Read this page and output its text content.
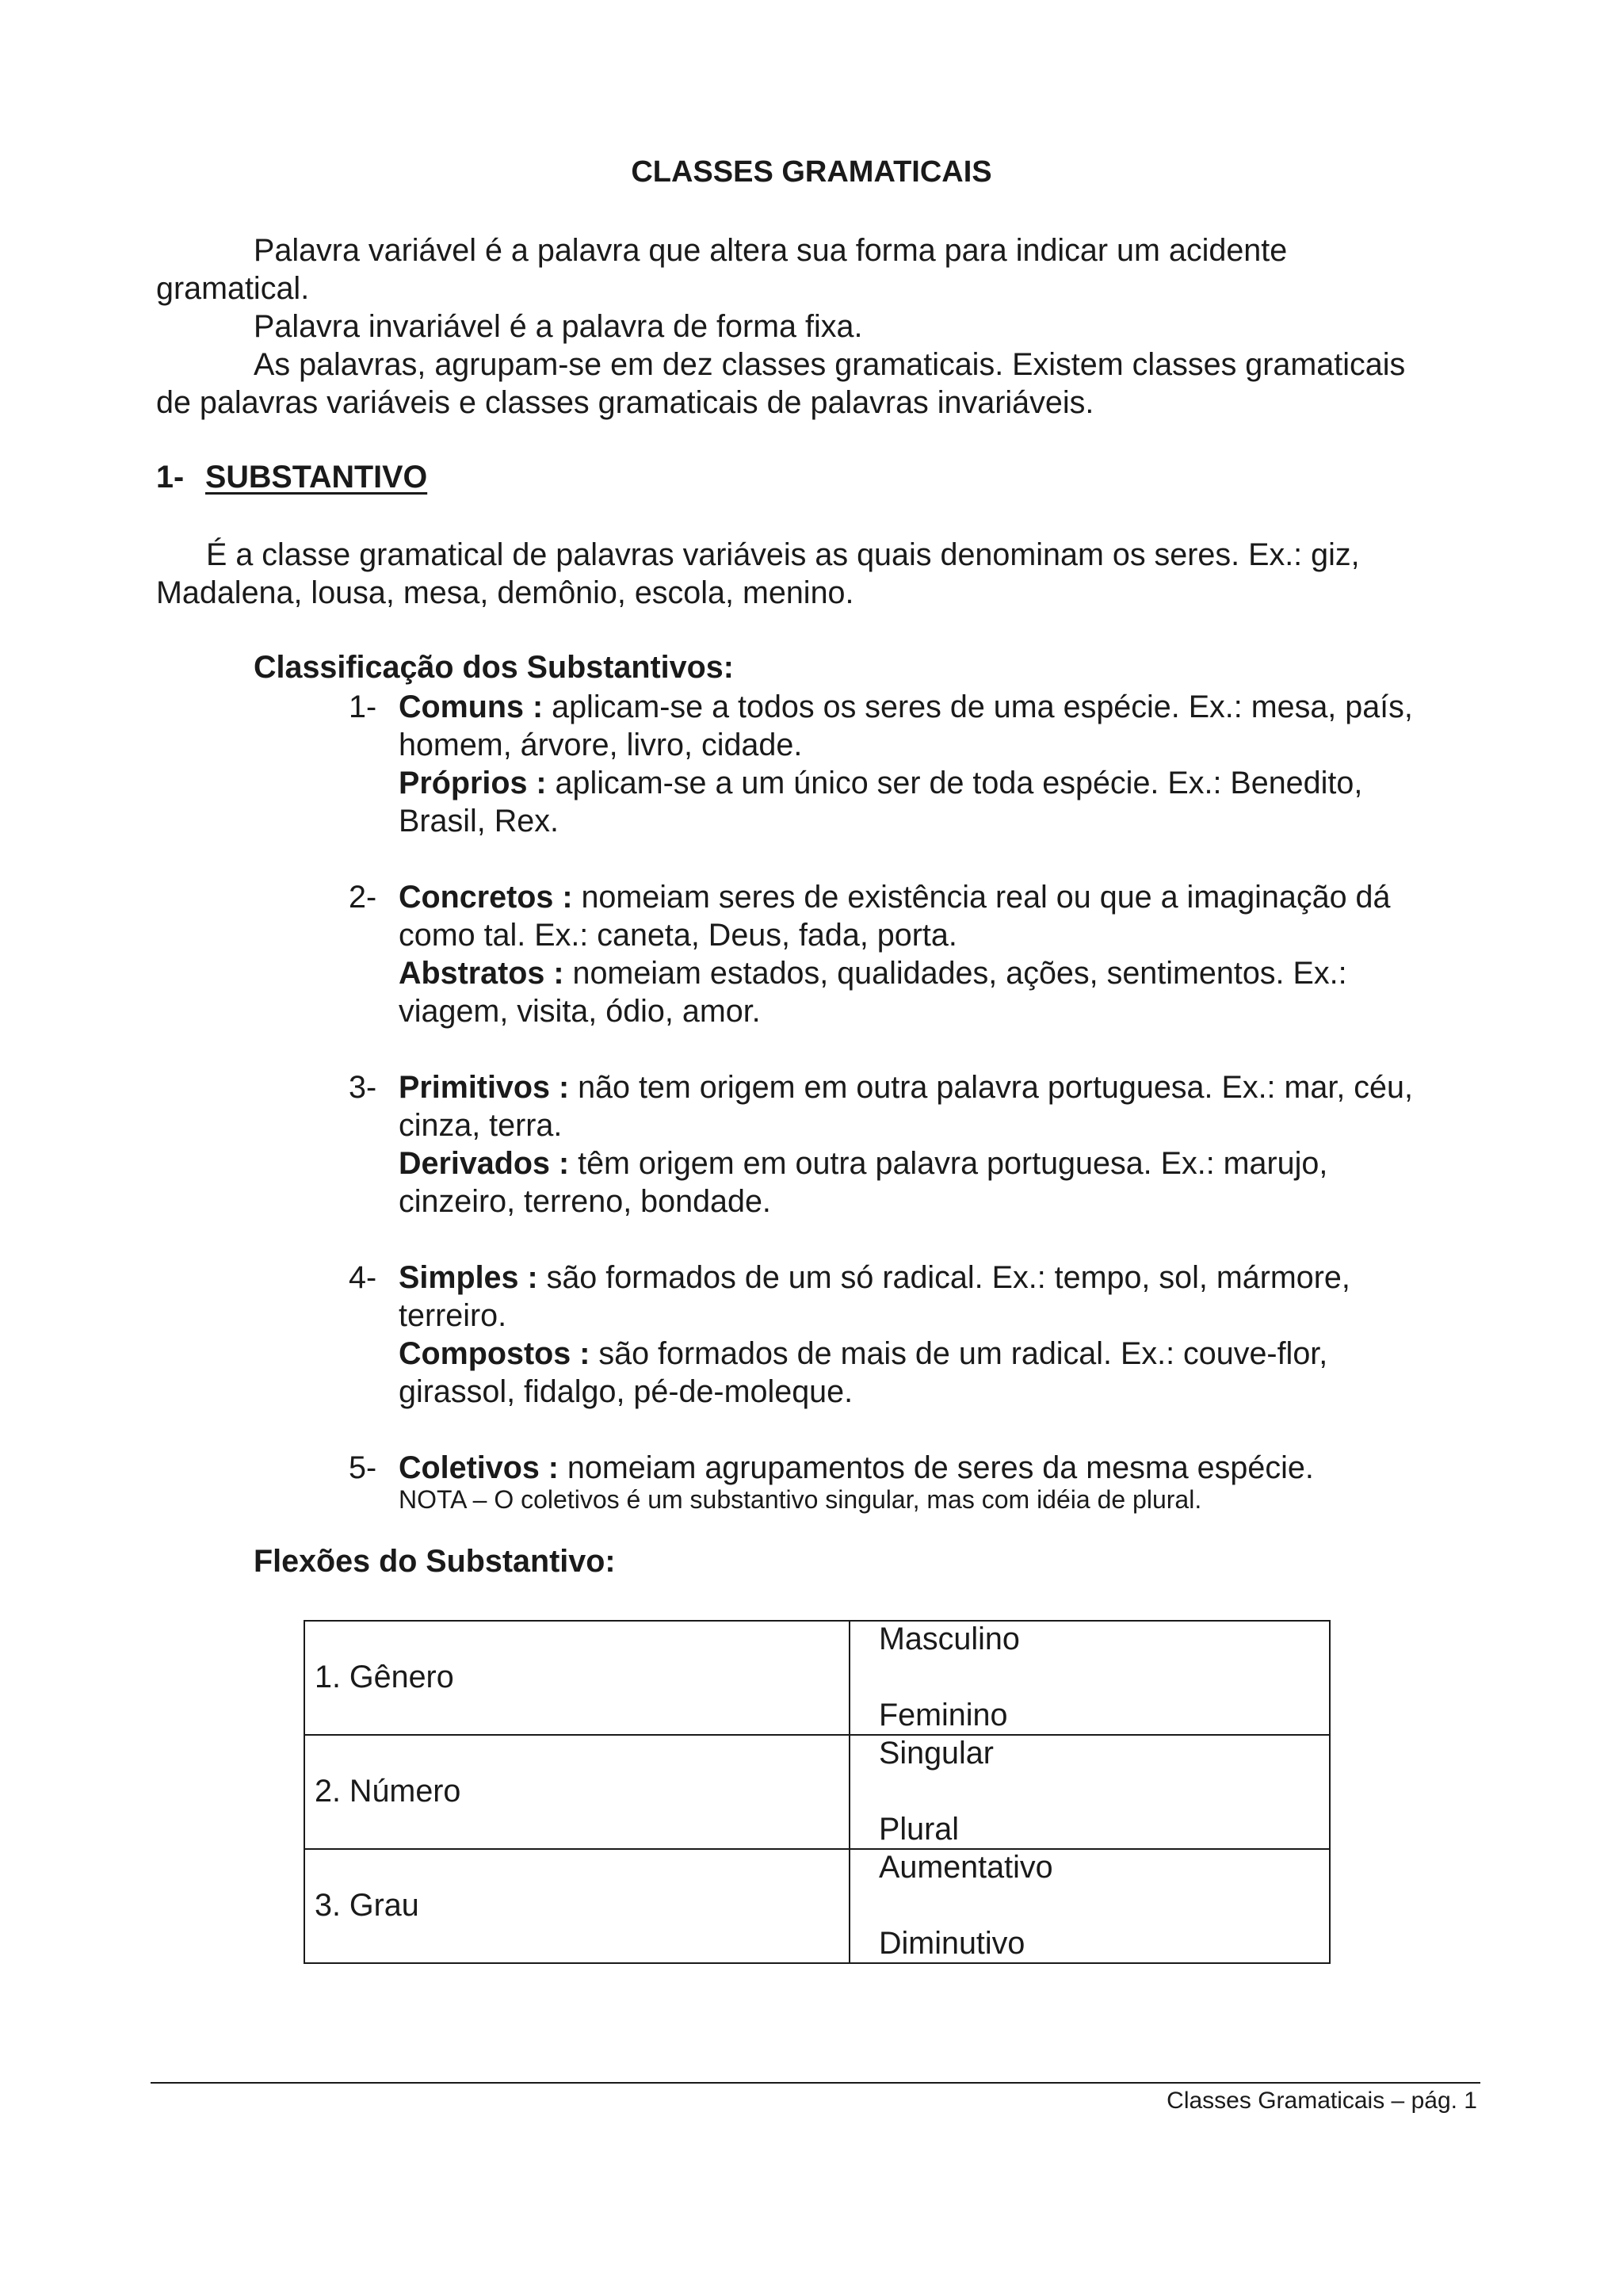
CLASSES GRAMATICAIS
Palavra variável é a palavra que altera sua forma para indicar um acidente
gramatical.
Palavra invariável é a palavra de forma fixa.
As palavras, agrupam-se em dez classes gramaticais. Existem classes gramaticais
de palavras variáveis e classes gramaticais de palavras invariáveis.
1- SUBSTANTIVO
É a classe gramatical de palavras variáveis as quais denominam os seres. Ex.: giz,
Madalena, lousa, mesa, demônio, escola, menino.
Classificação dos Substantivos:
1- Comuns : aplicam-se a todos os seres de uma espécie. Ex.: mesa, país,
homem, árvore, livro, cidade.
Próprios : aplicam-se a um único ser de toda espécie. Ex.: Benedito,
Brasil, Rex.
2- Concretos : nomeiam seres de existência real ou que a imaginação dá
como tal. Ex.: caneta, Deus, fada, porta.
Abstratos : nomeiam estados, qualidades, ações, sentimentos. Ex.:
viagem, visita, ódio, amor.
3- Primitivos : não tem origem em outra palavra portuguesa. Ex.: mar, céu,
cinza, terra.
Derivados : têm origem em outra palavra portuguesa. Ex.: marujo,
cinzeiro, terreno, bondade.
4- Simples : são formados de um só radical. Ex.: tempo, sol, mármore,
terreiro.
Compostos : são formados de mais de um radical. Ex.: couve-flor,
girassol, fidalgo, pé-de-moleque.
5- Coletivos : nomeiam agrupamentos de seres da mesma espécie.
NOTA – O coletivos é um substantivo singular, mas com idéia de plural.
Flexões do Substantivo:
1. Gênero	Masculino
Feminino

2. Número	Singular
Plural

3. Grau	Aumentativo
Diminutivo
Classes Gramaticais – pág. 1
